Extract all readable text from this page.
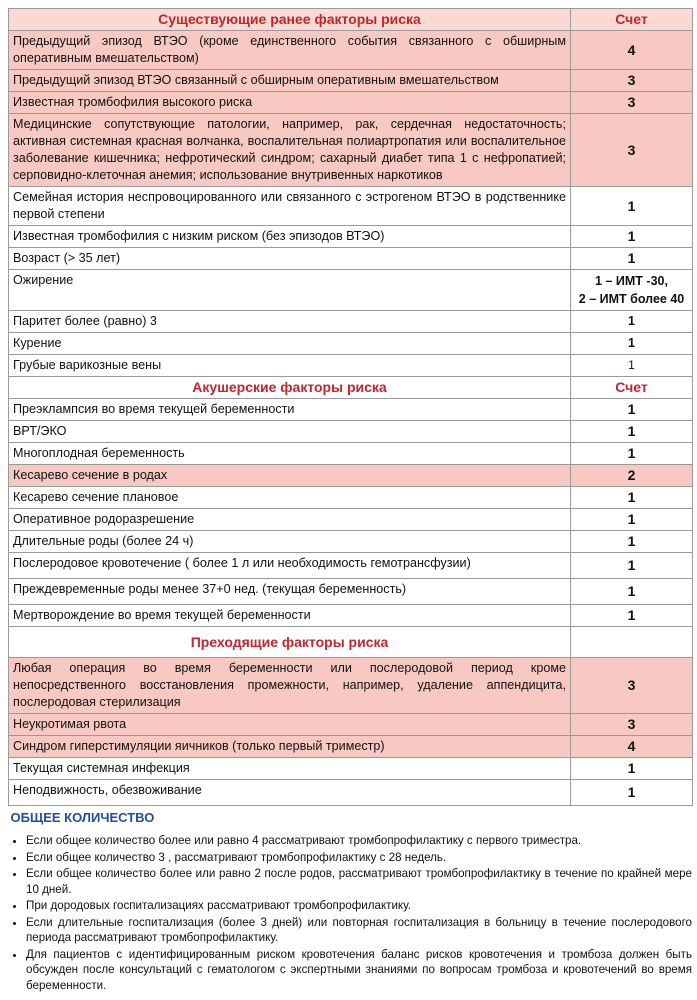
Существующие ранее факторы риска	Счет
Предыдущий эпизод ВТЭО (кроме единственного события связанного с обширным оперативным вмешательством)	4
Предыдущий эпизод ВТЭО связанный с обширным оперативным вмешательством	3
Известная тромбофилия высокого риска	3
Медицинские сопутствующие патологии, например, рак, сердечная недостаточность; активная системная красная волчанка, воспалительная полиартропатия или воспалительное заболевание кишечника; нефротический синдром; сахарный диабет типа 1 с нефропатией; серповидно-клеточная анемия; использование внутривенных наркотиков	3
Семейная история неспровоцированного или связанного с эстрогеном ВТЭО в родственнике первой степени	1
Известная тромбофилия с низким риском (без эпизодов ВТЭО)	1
Возраст (> 35 лет)	1
Ожирение	1 – ИМТ -30,
2 – ИМТ более 40

Паритет более (равно) 3	1
Курение	1
Грубые варикозные вены	1
Акушерские факторы риска	Счет
Преэклампсия во время текущей беременности	1
ВРТ/ЭКО	1
Многоплодная беременность	1
Кесарево сечение в родах	2
Кесарево сечение плановое	1
Оперативное родоразрешение	1
Длительные роды (более 24 ч)	1
Послеродовое кровотечение ( более 1 л или необходимость гемотрансфузии)	1
Преждевременные роды менее 37+0 нед. (текущая беременность)	1
Мертворождение во время текущей беременности	1
Преходящие факторы риска	
Любая операция во время беременности или послеродовой период кроме непосредственного восстановления промежности, например, удаление аппендицита, послеродовая стерилизация	3
Неукротимая рвота	3
Синдром гиперстимуляции яичников (только первый триместр)	4
Текущая системная инфекция	1
Неподвижность, обезвоживание	1
ОБЩЕЕ КОЛИЧЕСТВО	
• Если общее количество более или равно 4 рассматривают тромбопрофилактику с первого триместра.
• Если общее количество 3 , рассматривают тромбопрофилактику с 28 недель.
• Если общее количество более или равно 2 после родов, рассматривают тромбопрофилактику в течение по крайней мере 10 дней.
• При дородовых госпитализациях рассматривают тромбопрофилактику.
• Если длительные госпитализация (более 3 дней) или повторная госпитализация в больницу в течение послеродового периода рассматривают тромбопрофилактику.
• Для пациентов с идентифицированным риском кровотечения баланс рисков кровотечения и тромбоза должен быть обсужден после консультаций с гематологом с экспертными знаниями по вопросам тромбоза и кровотечений во время беременности.
